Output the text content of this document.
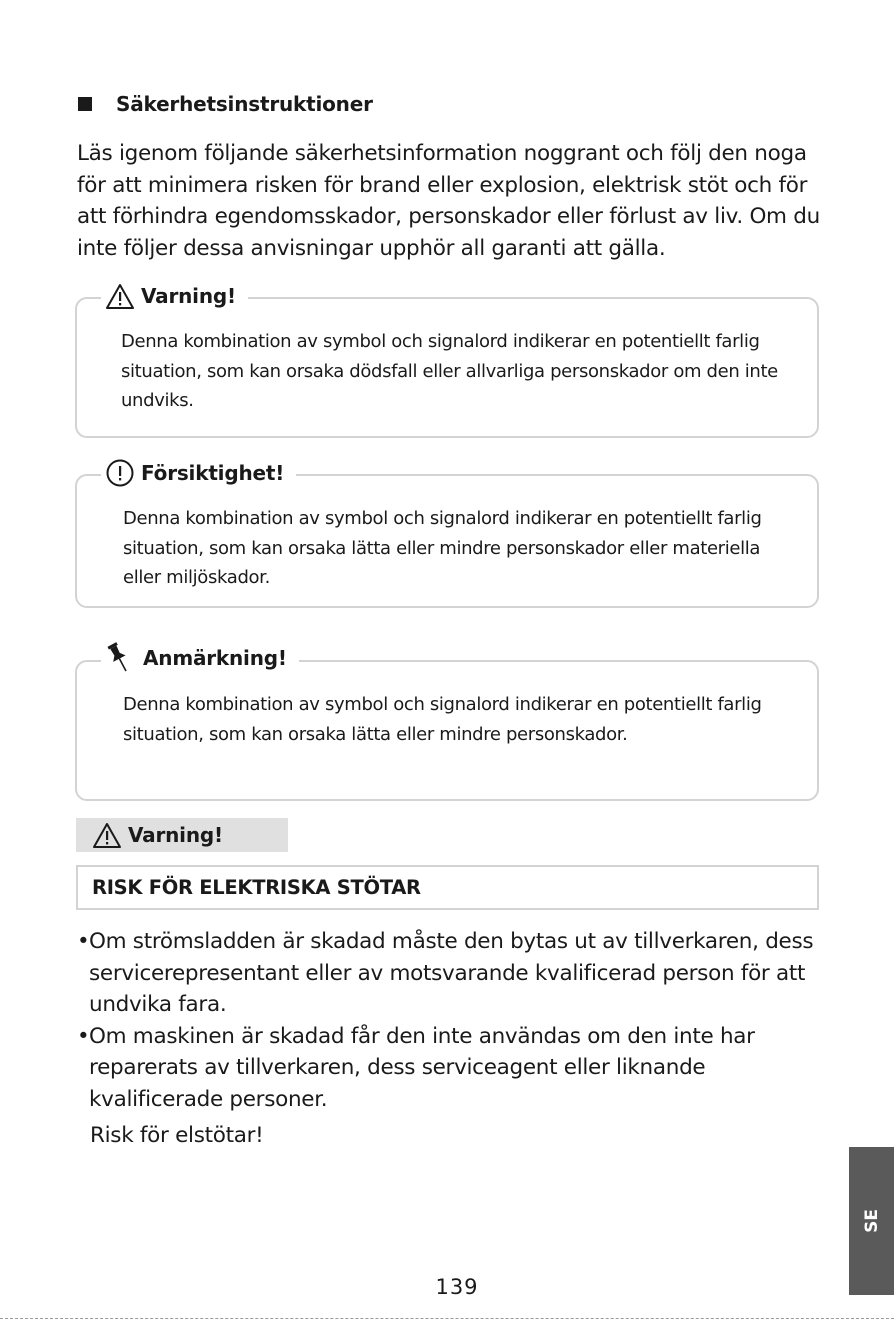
Säkerhetsinstruktioner

Läs igenom följande säkerhetsinformation noggrant och följ den noga för att minimera risken för brand eller explosion, elektrisk stöt och för att förhindra egendomsskador, personskador eller förlust av liv. Om du inte följer dessa anvisningar upphör all garanti att gälla.

Varning!

Denna kombination av symbol och signalord indikerar en potentiellt farlig situation, som kan orsaka dödsfall eller allvarliga personskador om den inte undviks.

Försiktighet!

Denna kombination av symbol och signalord indikerar en potentiellt farlig situation, som kan orsaka lätta eller mindre personskador eller materiella eller miljöskador.

Anmärkning!

Denna kombination av symbol och signalord indikerar en potentiellt farlig situation, som kan orsaka lätta eller mindre personskador.

Varning!
RISK FÖR ELEKTRISKA STÖTAR
• Om strömsladden är skadad måste den bytas ut av tillverkaren, dess servicerepresentant eller av motsvarande kvalificerad person för att undvika fara.
• Om maskinen är skadad får den inte användas om den inte har reparerats av tillverkaren, dess serviceagent eller liknande kvalificerade personer.
Risk för elstötar!
SE
139
